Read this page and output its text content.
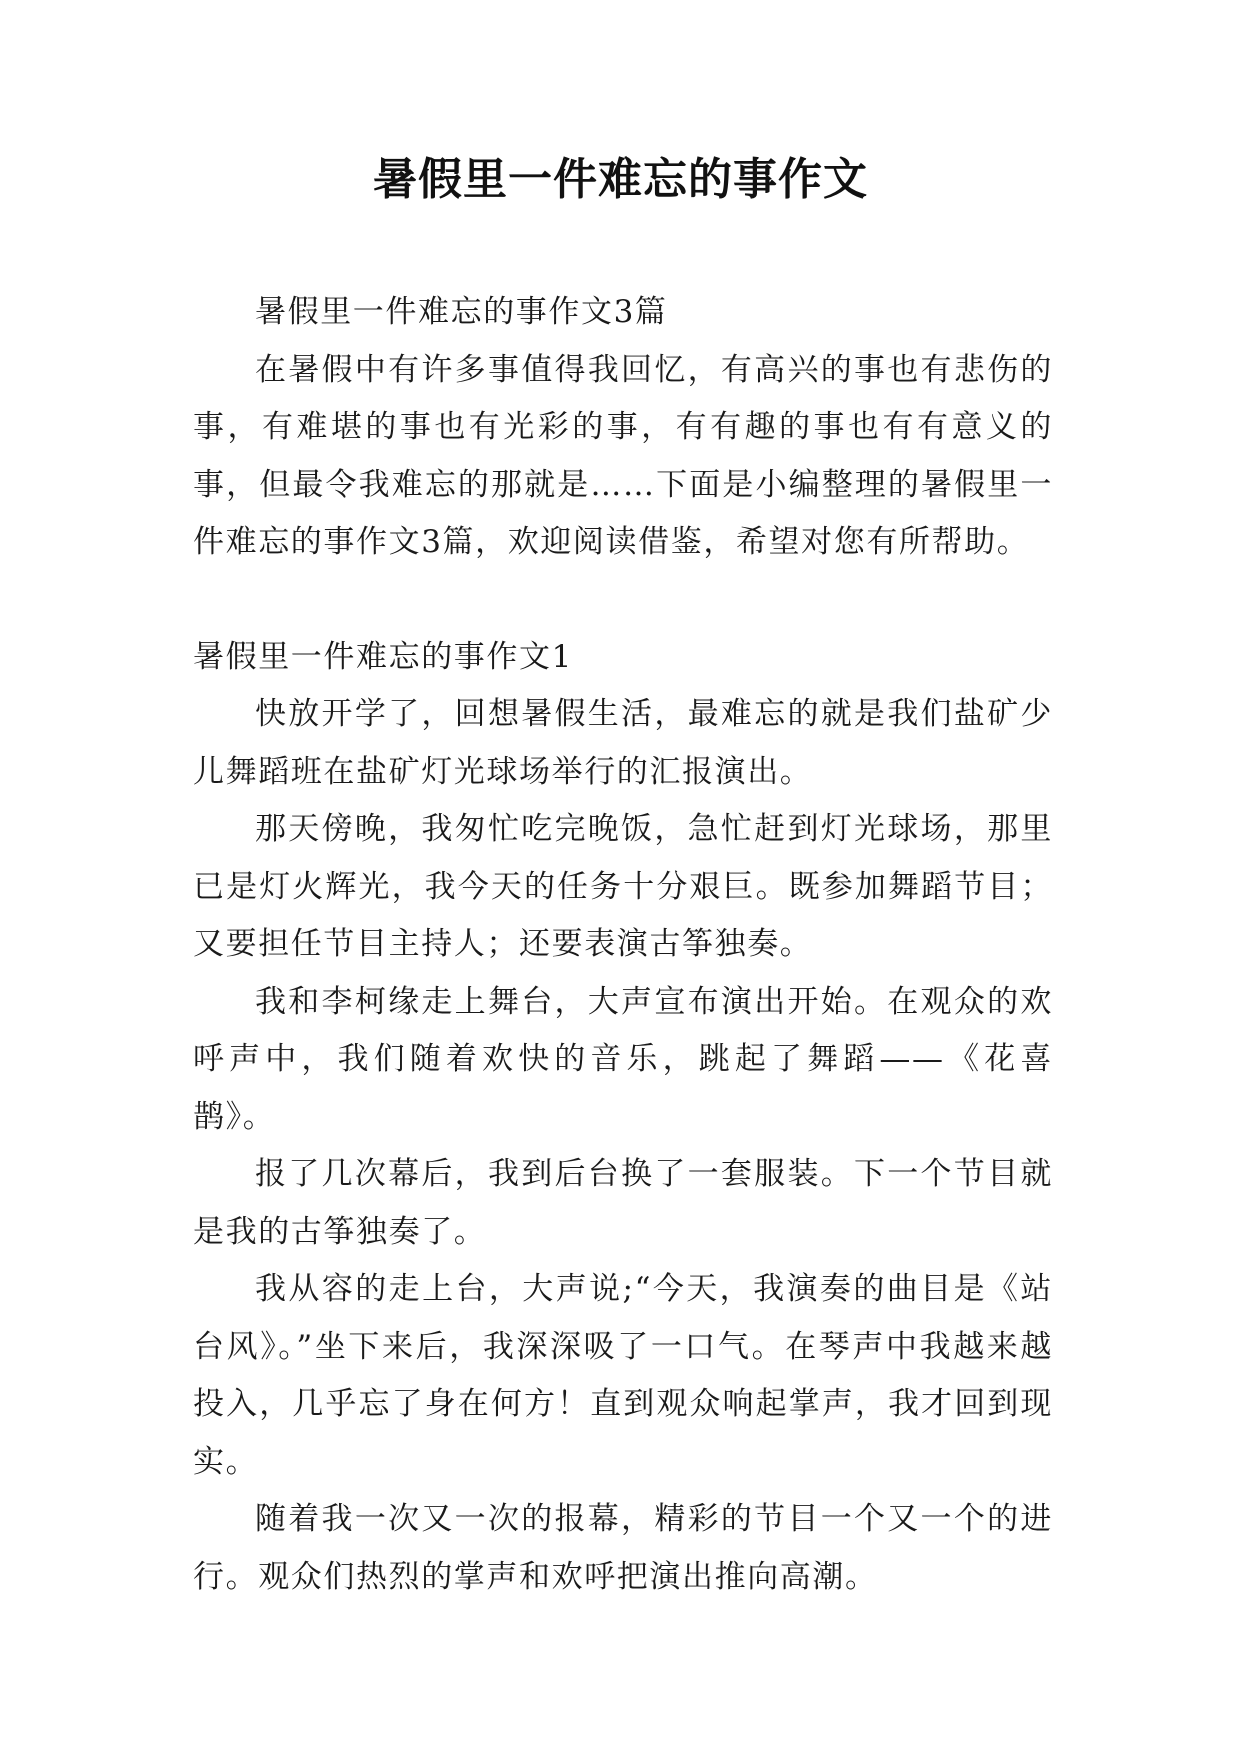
暑假里一件难忘的事作文

暑假里一件难忘的事作文3篇

在暑假中有许多事值得我回忆，有高兴的事也有悲伤的事，有难堪的事也有光彩的事，有有趣的事也有有意义的事，但最令我难忘的那就是……下面是小编整理的暑假里一件难忘的事作文3篇，欢迎阅读借鉴，希望对您有所帮助。

暑假里一件难忘的事作文1

快放开学了，回想暑假生活，最难忘的就是我们盐矿少儿舞蹈班在盐矿灯光球场举行的汇报演出。

那天傍晚，我匆忙吃完晚饭，急忙赶到灯光球场，那里已是灯火辉光，我今天的任务十分艰巨。既参加舞蹈节目；又要担任节目主持人；还要表演古筝独奏。

我和李柯缘走上舞台，大声宣布演出开始。在观众的欢呼声中，我们随着欢快的音乐，跳起了舞蹈——《花喜鹊》。

报了几次幕后，我到后台换了一套服装。下一个节目就是我的古筝独奏了。

我从容的走上台，大声说;“今天，我演奏的曲目是《站台风》。”坐下来后，我深深吸了一口气。在琴声中我越来越投入，几乎忘了身在何方！直到观众响起掌声，我才回到现实。

随着我一次又一次的报幕，精彩的节目一个又一个的进行。观众们热烈的掌声和欢呼把演出推向高潮。
